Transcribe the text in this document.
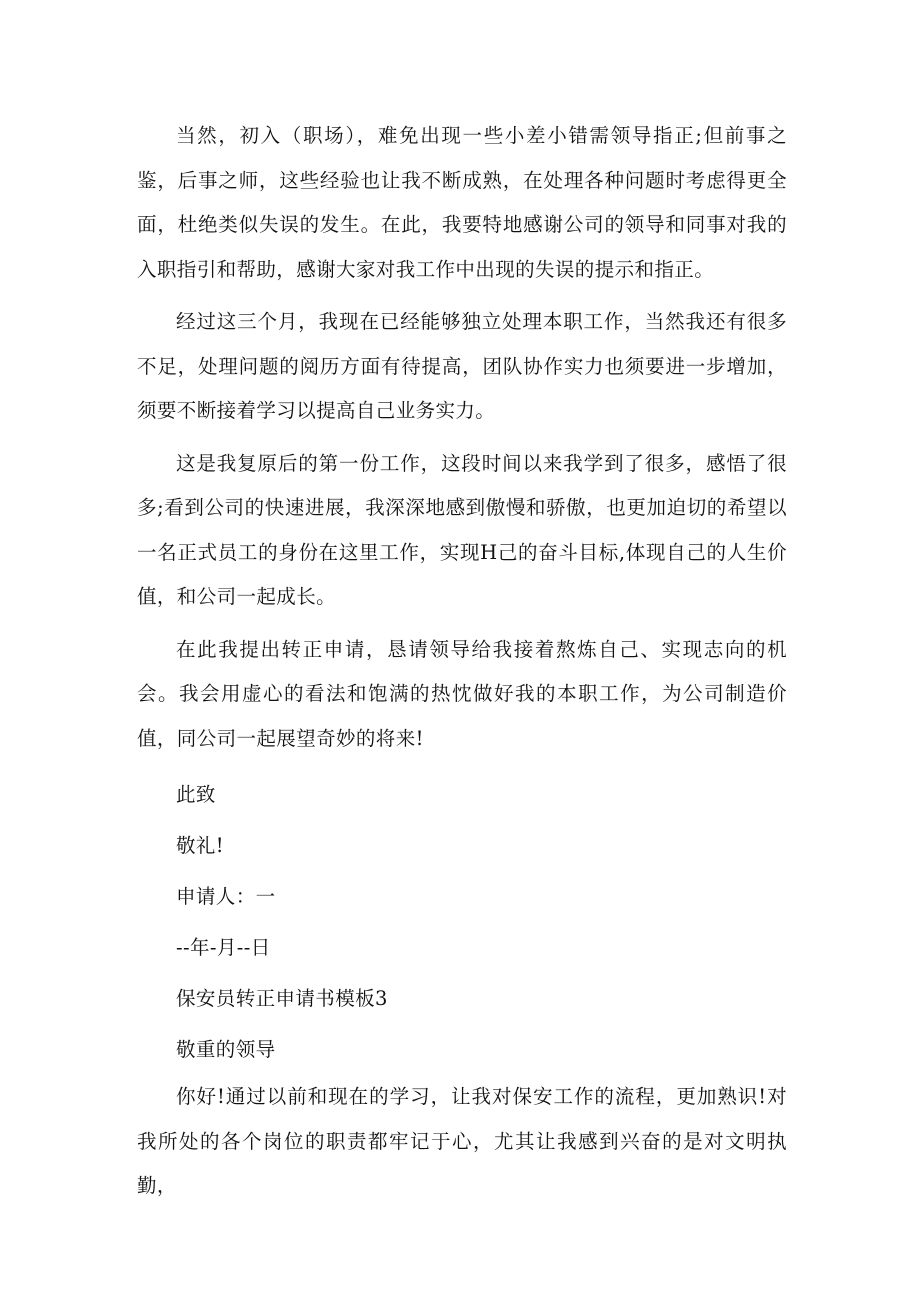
当然，初入（职场），难免出现一些小差小错需领导指正;但前事之鉴，后事之师，这些经验也让我不断成熟，在处理各种问题时考虑得更全面，杜绝类似失误的发生。在此，我要特地感谢公司的领导和同事对我的入职指引和帮助，感谢大家对我工作中出现的失误的提示和指正。

经过这三个月，我现在已经能够独立处理本职工作，当然我还有很多不足，处理问题的阅历方面有待提高，团队协作实力也须要进一步增加，须要不断接着学习以提高自己业务实力。

这是我复原后的第一份工作，这段时间以来我学到了很多，感悟了很多;看到公司的快速进展，我深深地感到傲慢和骄傲，也更加迫切的希望以一名正式员工的身份在这里工作，实现H己的奋斗目标,体现自己的人生价值，和公司一起成长。

在此我提出转正申请，恳请领导给我接着熬炼自己、实现志向的机会。我会用虚心的看法和饱满的热忱做好我的本职工作，为公司制造价值，同公司一起展望奇妙的将来!

此致

敬礼!

申请人：一

--年-月--日

保安员转正申请书模板3

敬重的领导

你好!通过以前和现在的学习，让我对保安工作的流程，更加熟识!对我所处的各个岗位的职责都牢记于心，尤其让我感到兴奋的是对文明执勤，
